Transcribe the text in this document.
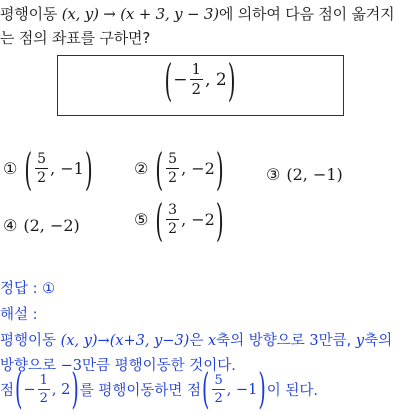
평행이동 (x, y) → (x + 3, y − 3)에 의하여 다음 점이 옮겨지
는 점의 좌표를 구하면?
( − $\frac{1}{2}$ , 2 )
① ( $\frac{5}{2}$ , −1 )	② ( $\frac{5}{2}$ , −2 )	③ (2, −1)
④ (2, −2)	⑤ ( $\frac{3}{2}$ , −2 )
정답 : ①
해설 :
평행이동 (x, y)→(x+3, y−3)은 x축의 방향으로 3만큼, y축의
방향으로 −3만큼 평행이동한 것이다.
점 ( − $\frac{1}{2}$ , 2 ) 를 평행이동하면 점 ( $\frac{5}{2}$ , −1 ) 이 된다.
